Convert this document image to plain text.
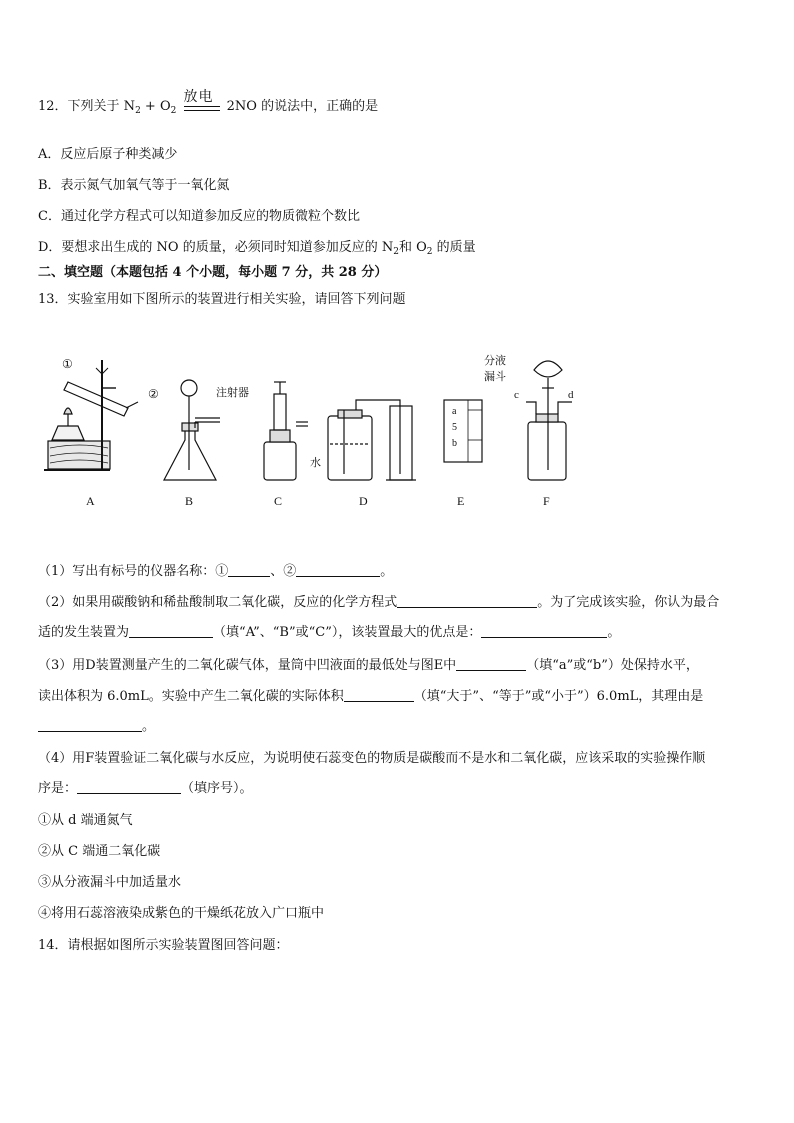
12．下列关于 $N_2 + O_2$
放电
2NO 的说法中，正确的是
A．反应后原子种类减少
B．表示氮气加氧气等于一氧化氮
C．通过化学方程式可以知道参加反应的物质微粒个数比
D．要想求出生成的 NO 的质量，必须同时知道参加反应的 $N_2$和 $O_2$ 的质量
二、填空题（本题包括 4 个小题，每小题 7 分，共 28 分）
13．实验室用如下图所示的装置进行相关实验，请回答下列问题
A	B	C	D	E	F
①
②	注射器
水
分液
漏斗
c	d
a
5
b
（1）写出有标号的仪器名称：①	、②	。
（2）如果用碳酸钠和稀盐酸制取二氧化碳，反应的化学方程式	。为了完成该实验，你认为最合
适的发生装置为	（填“A”、“B”或“C”），该装置最大的优点是：	。
（3）用D装置测量产生的二氧化碳气体，量筒中凹液面的最低处与图E中	（填“a”或“b”）处保持水平，
读出体积为 6.0mL。实验中产生二氧化碳的实际体积	（填“大于”、“等于”或“小于”）6.0mL，其理由是
。
（4）用F装置验证二氧化碳与水反应，为说明使石蕊变色的物质是碳酸而不是水和二氧化碳，应该采取的实验操作顺
序是：	（填序号）。
①从 d 端通氮气
②从 C 端通二氧化碳
③从分液漏斗中加适量水
④将用石蕊溶液染成紫色的干燥纸花放入广口瓶中
14．请根据如图所示实验装置图回答问题：
